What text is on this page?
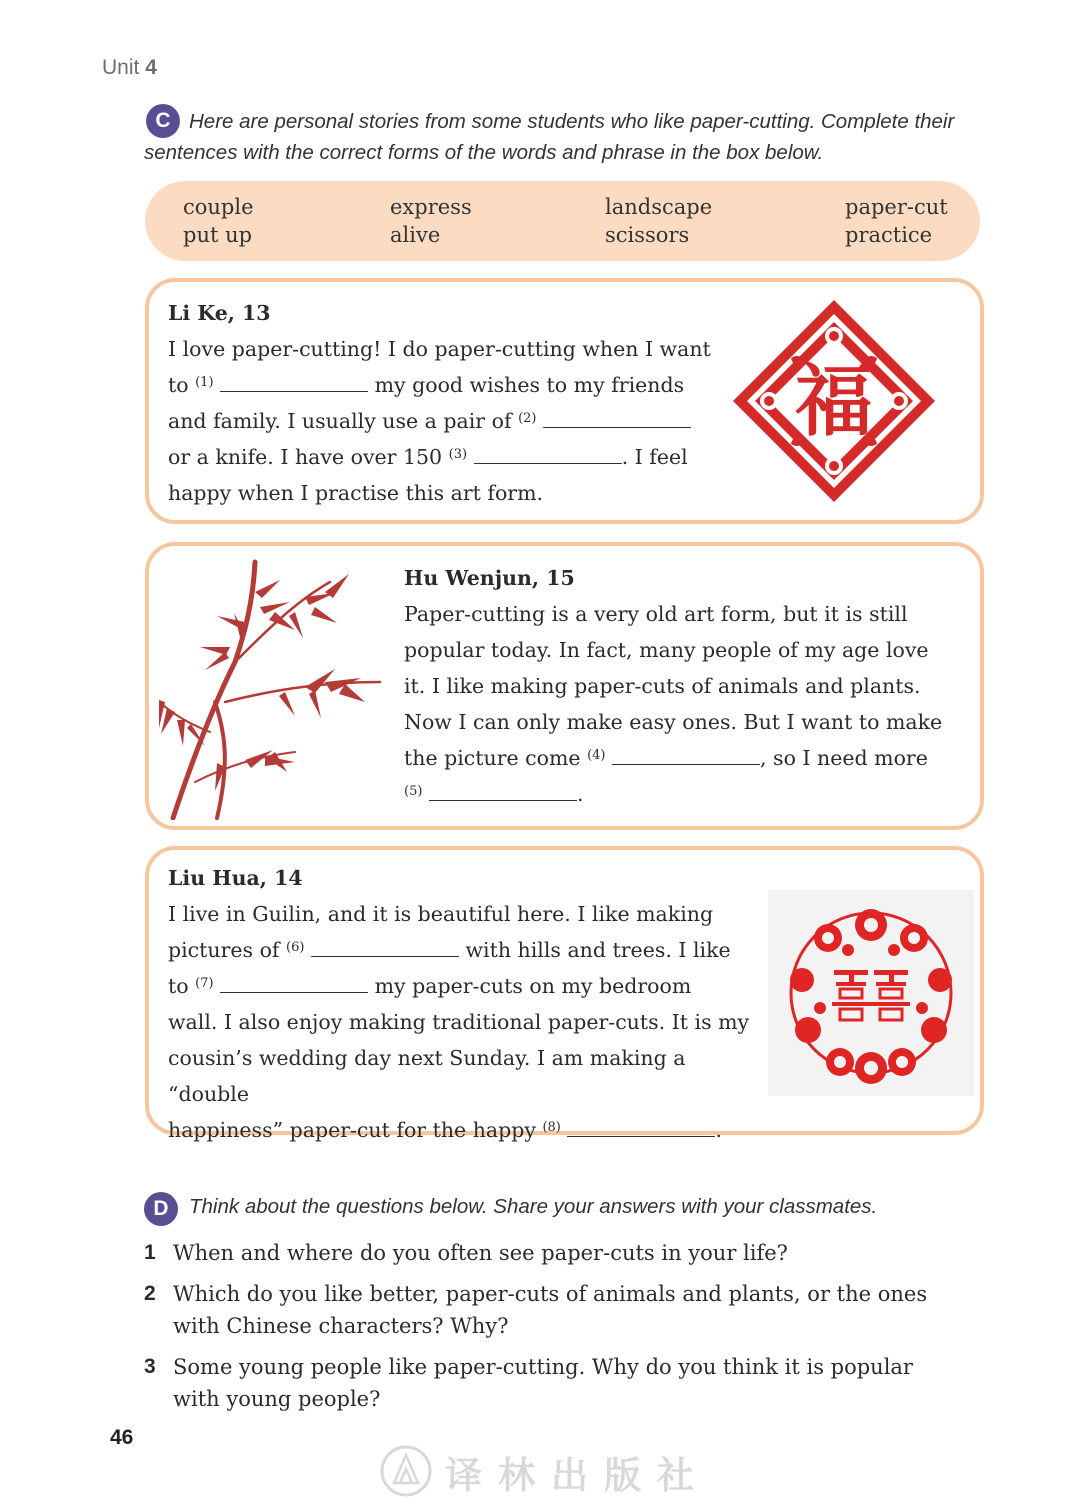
Unit 4
C Here are personal stories from some students who like paper-cutting. Complete their sentences with the correct forms of the words and phrase in the box below.
couple
put up
express
alive
landscape
scissors
paper-cut
practice
Li Ke, 13
I love paper-cutting! I do paper-cutting when I want
to $^{(1)}$	my good wishes to my friends
and family. I usually use a pair of $^{(2)}$
or a knife. I have over 150 $^{(3)}$	. I feel
happy when I practise this art form.
福
Hu Wenjun, 15
Paper-cutting is a very old art form, but it is still
popular today. In fact, many people of my age love
it. I like making paper-cuts of animals and plants.
Now I can only make easy ones. But I want to make
the picture come $^{(4)}$	, so I need more
$^{(5)}$	.
Liu Hua, 14
I live in Guilin, and it is beautiful here. I like making
pictures of $^{(6)}$	with hills and trees. I like
to $^{(7)}$	my paper-cuts on my bedroom
wall. I also enjoy making traditional paper-cuts. It is my
cousin’s wedding day next Sunday. I am making a “double
happiness” paper-cut for the happy $^{(8)}$	.
D Think about the questions below. Share your answers with your classmates.
1 When and where do you often see paper-cuts in your life?
2 Which do you like better, paper-cuts of animals and plants, or the ones with Chinese characters? Why?
3 Some young people like paper-cutting. Why do you think it is popular with young people?
46
译林出版社
